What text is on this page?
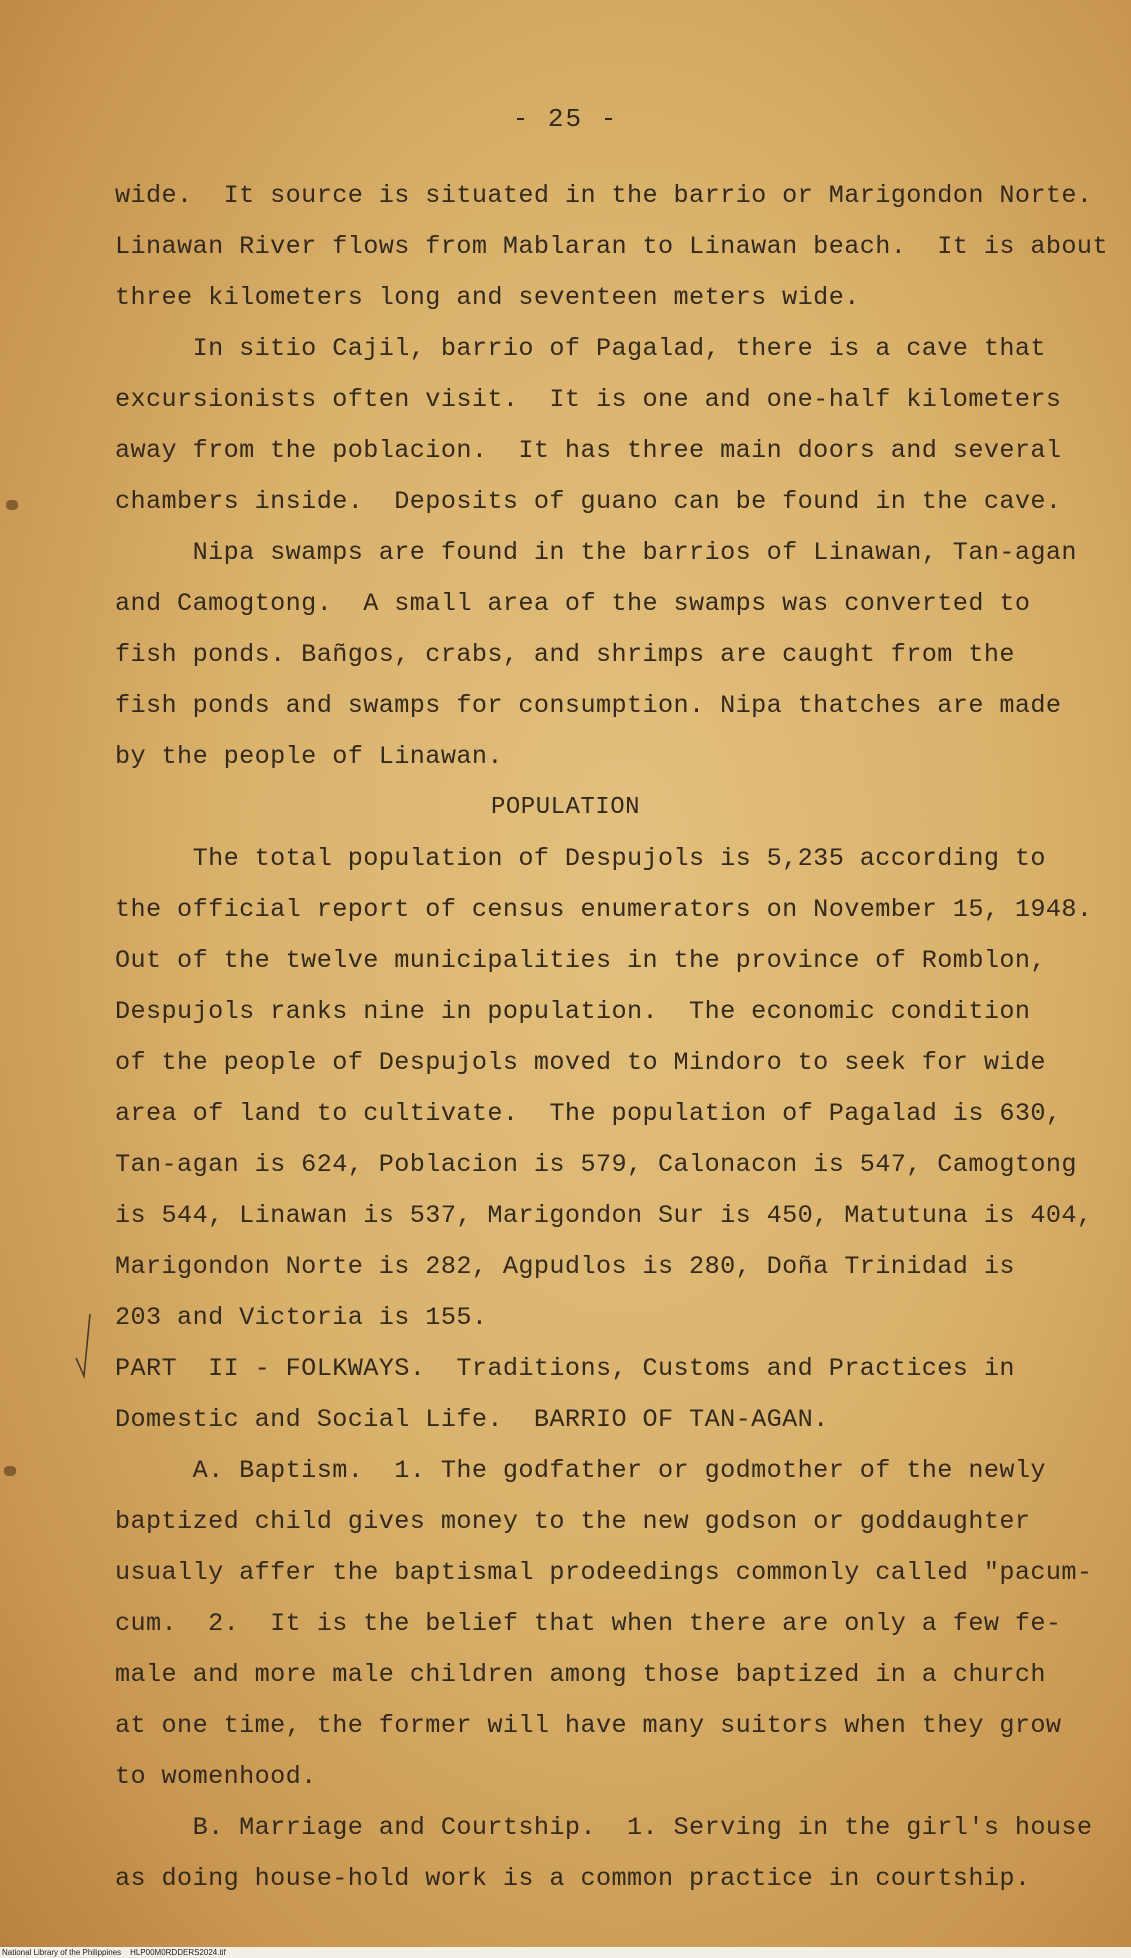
- 25 -
wide.  It source is situated in the barrio or Marigondon Norte.
Linawan River flows from Mablaran to Linawan beach.  It is about
three kilometers long and seventeen meters wide.
In sitio Cajil, barrio of Pagalad, there is a cave that
excursionists often visit.  It is one and one-half kilometers
away from the poblacion.  It has three main doors and several
chambers inside.  Deposits of guano can be found in the cave.
Nipa swamps are found in the barrios of Linawan, Tan-agan
and Camogtong.  A small area of the swamps was converted to
fish ponds. Bañgos, crabs, and shrimps are caught from the
fish ponds and swamps for consumption. Nipa thatches are made
by the people of Linawan.
POPULATION
The total population of Despujols is 5,235 according to
the official report of census enumerators on November 15, 1948.
Out of the twelve municipalities in the province of Romblon,
Despujols ranks nine in population.  The economic condition
of the people of Despujols moved to Mindoro to seek for wide
area of land to cultivate.  The population of Pagalad is 630,
Tan-agan is 624, Poblacion is 579, Calonacon is 547, Camogtong
is 544, Linawan is 537, Marigondon Sur is 450, Matutuna is 404,
Marigondon Norte is 282, Agpudlos is 280, Doña Trinidad is
203 and Victoria is 155.
PART  II - FOLKWAYS.  Traditions, Customs and Practices in
Domestic and Social Life.  BARRIO OF TAN-AGAN.
A. Baptism.  1. The godfather or godmother of the newly
baptized child gives money to the new godson or goddaughter
usually affer the baptismal prodeedings commonly called "pacum-
cum.  2.  It is the belief that when there are only a few fe-
male and more male children among those baptized in a church
at one time, the former will have many suitors when they grow
to womenhood.
B. Marriage and Courtship.  1. Serving in the girl's house
as doing house-hold work is a common practice in courtship.
National Library of the Philippines    HLP00M0RDDERS2024.tif
